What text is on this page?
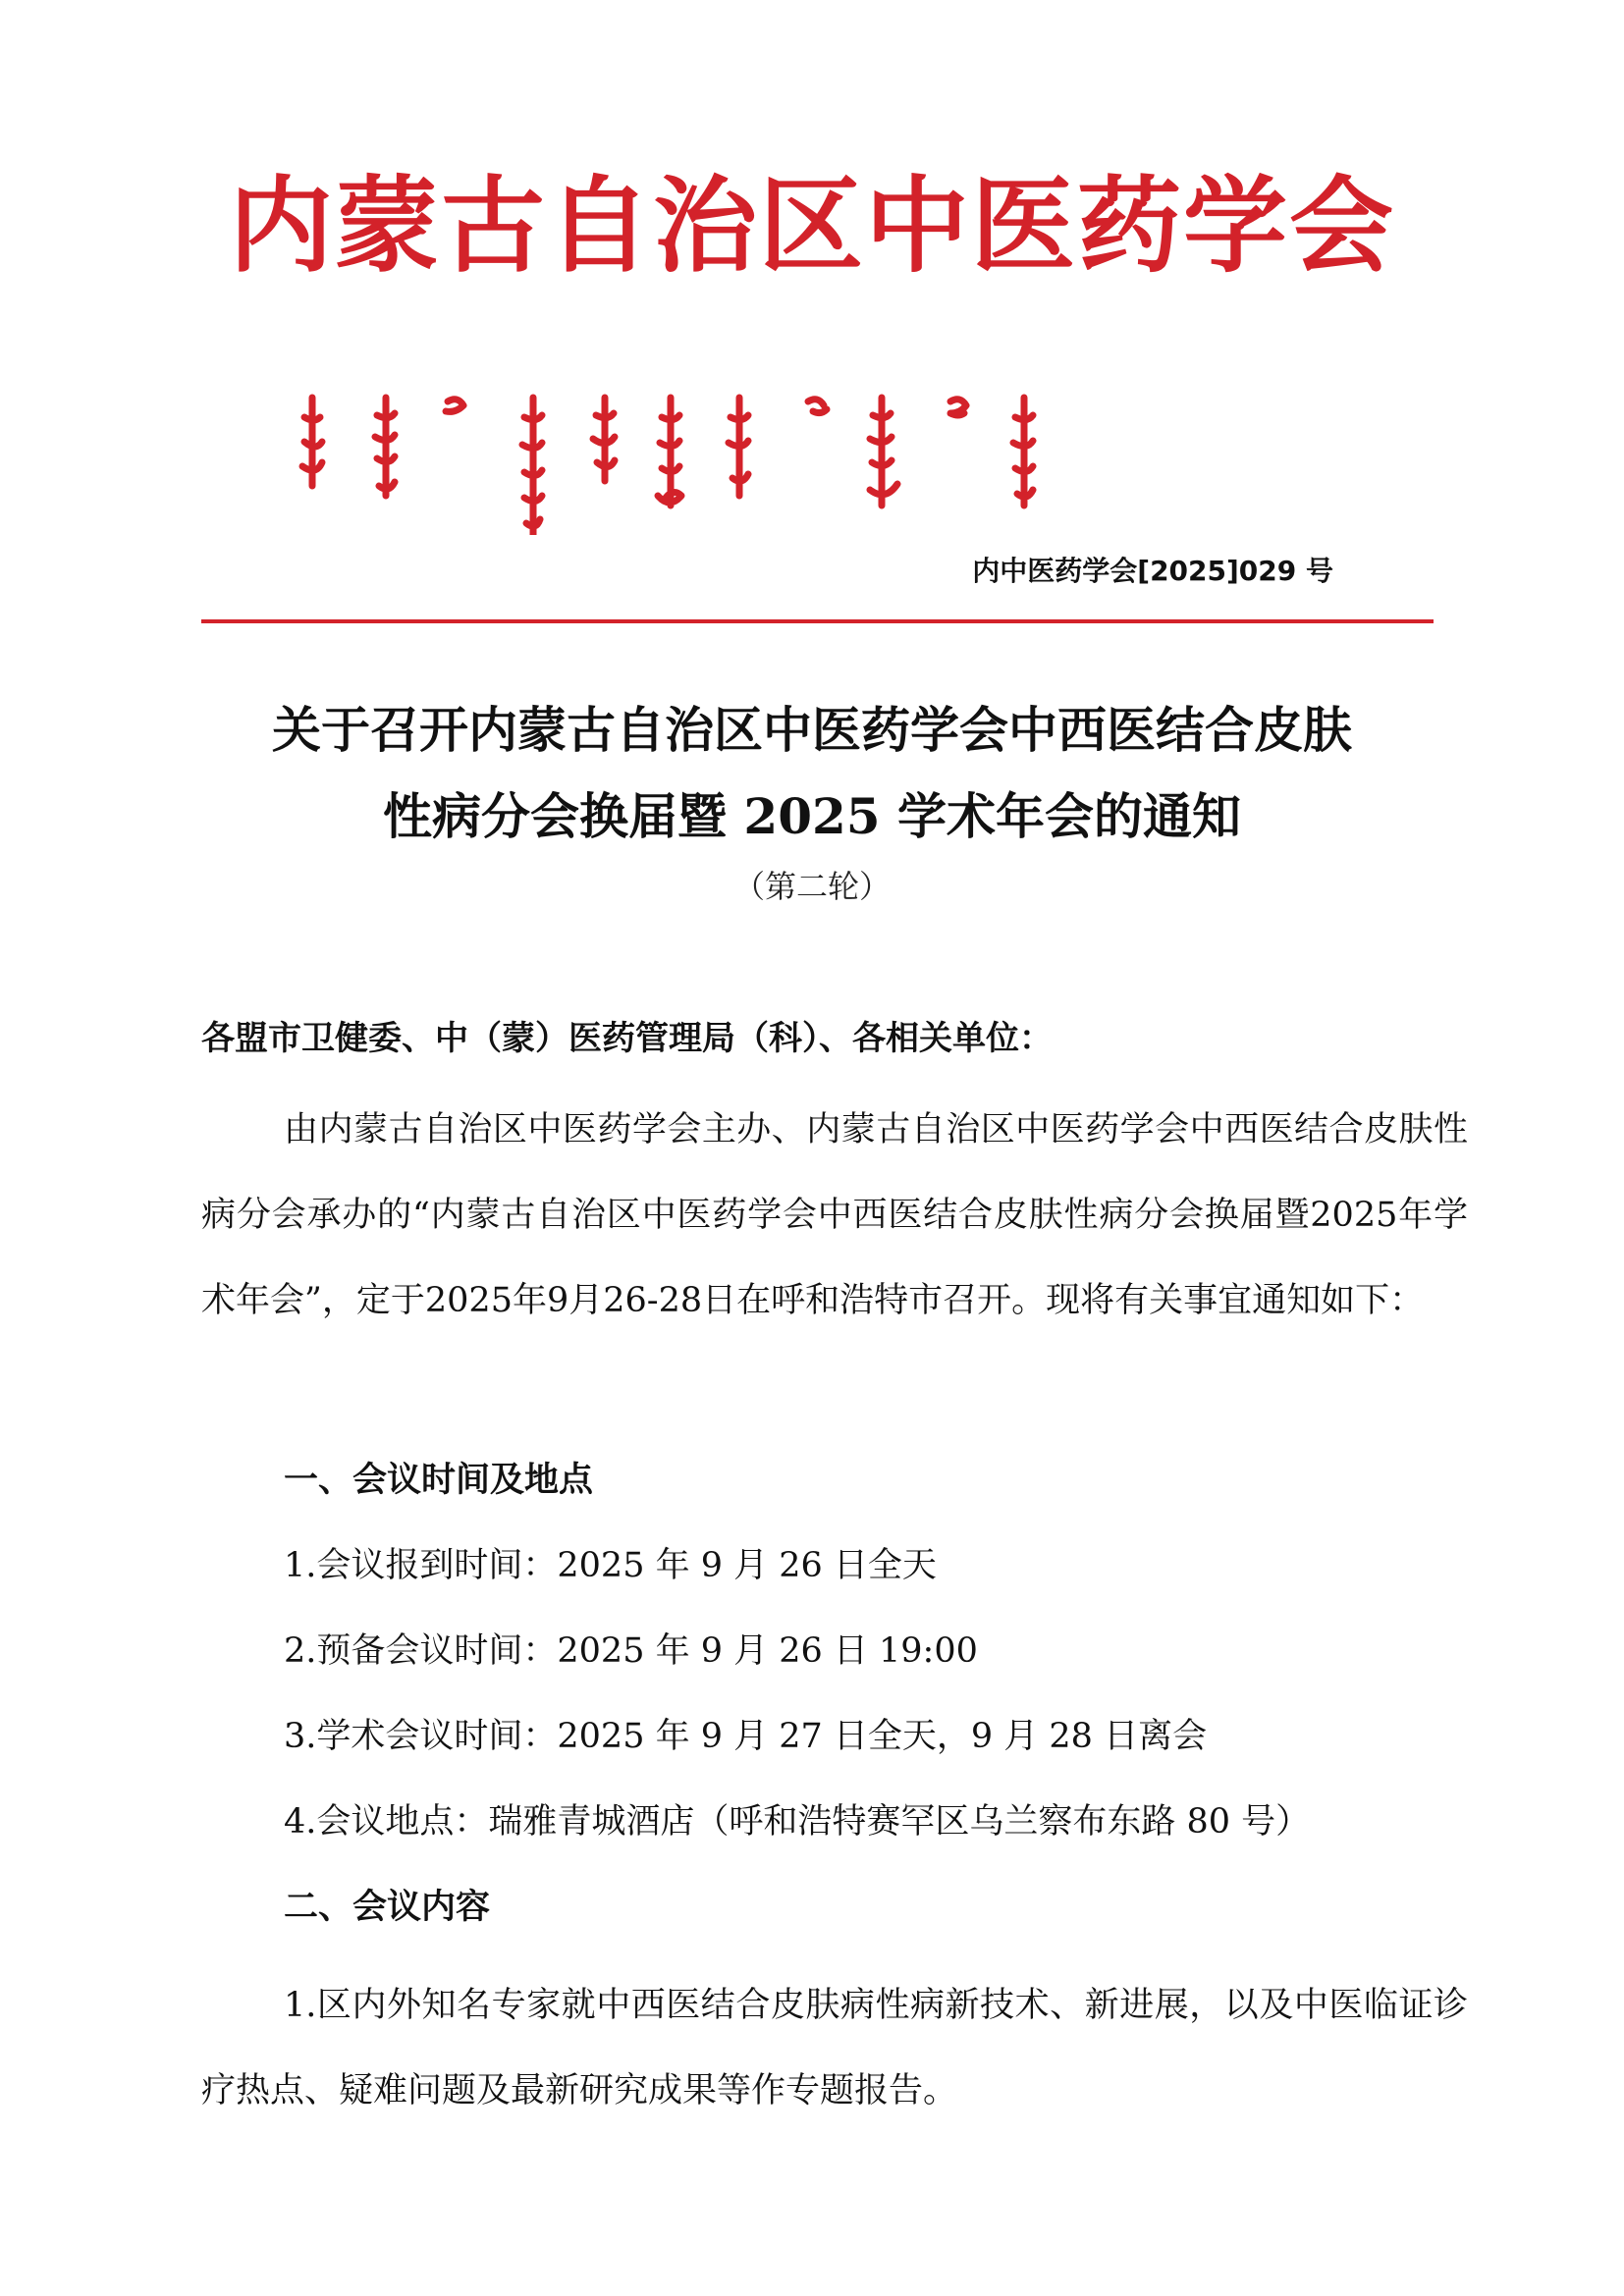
内蒙古自治区中医药学会
内中医药学会[2025]029 号
关于召开内蒙古自治区中医药学会中西医结合皮肤
性病分会换届暨 2025 学术年会的通知
（第二轮）
各盟市卫健委、中（蒙）医药管理局（科）、各相关单位：

由内蒙古自治区中医药学会主办、内蒙古自治区中医药学会中西医结合皮肤性病分会承办的“内蒙古自治区中医药学会中西医结合皮肤性病分会换届暨2025年学术年会”，定于2025年9月26-28日在呼和浩特市召开。现将有关事宜通知如下：

一、会议时间及地点
1.会议报到时间：2025 年 9 月 26 日全天
2.预备会议时间：2025 年 9 月 26 日 19:00
3.学术会议时间：2025 年 9 月 27 日全天，9 月 28 日离会
4.会议地点：瑞雅青城酒店（呼和浩特赛罕区乌兰察布东路 80 号）
二、会议内容

1.区内外知名专家就中西医结合皮肤病性病新技术、新进展，以及中医临证诊疗热点、疑难问题及最新研究成果等作专题报告。
